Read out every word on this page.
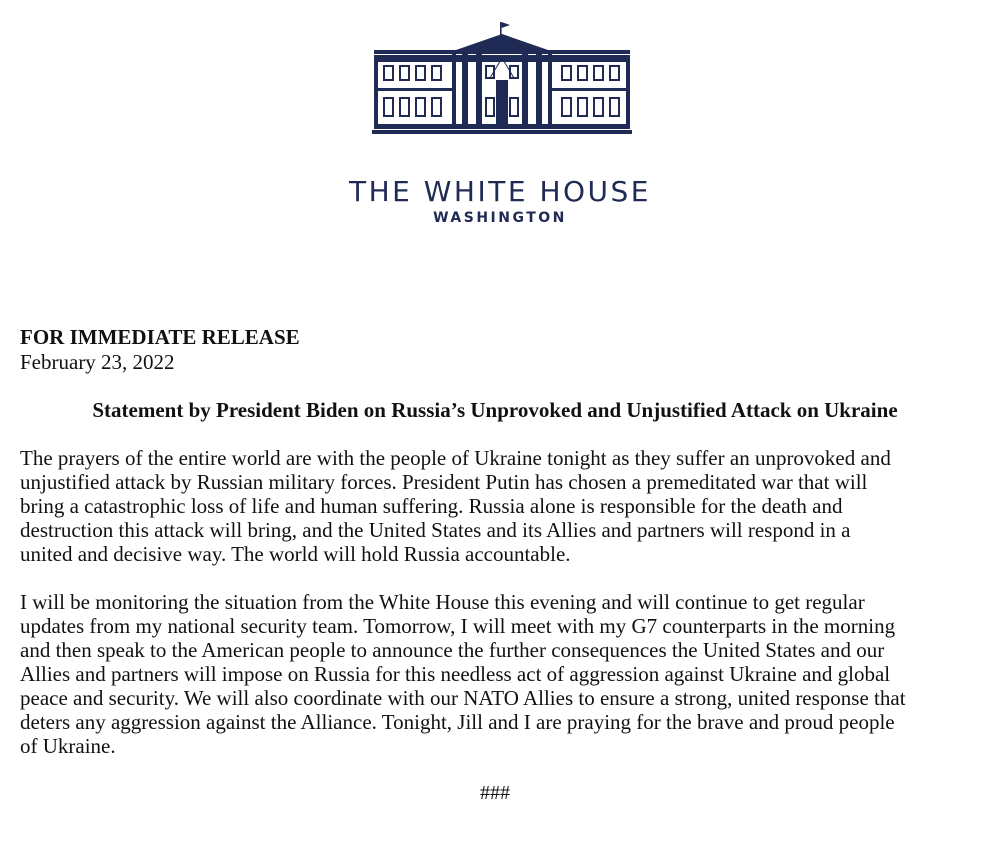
THE WHITE HOUSE
WASHINGTON
FOR IMMEDIATE RELEASE
February 23, 2022
Statement by President Biden on Russia’s Unprovoked and Unjustified Attack on Ukraine

The prayers of the entire world are with the people of Ukraine tonight as they suffer an unprovoked and
unjustified attack by Russian military forces. President Putin has chosen a premeditated war that will
bring a catastrophic loss of life and human suffering. Russia alone is responsible for the death and
destruction this attack will bring, and the United States and its Allies and partners will respond in a
united and decisive way. The world will hold Russia accountable.

I will be monitoring the situation from the White House this evening and will continue to get regular
updates from my national security team. Tomorrow, I will meet with my G7 counterparts in the morning
and then speak to the American people to announce the further consequences the United States and our
Allies and partners will impose on Russia for this needless act of aggression against Ukraine and global
peace and security. We will also coordinate with our NATO Allies to ensure a strong, united response that
deters any aggression against the Alliance. Tonight, Jill and I are praying for the brave and proud people
of Ukraine.

###
